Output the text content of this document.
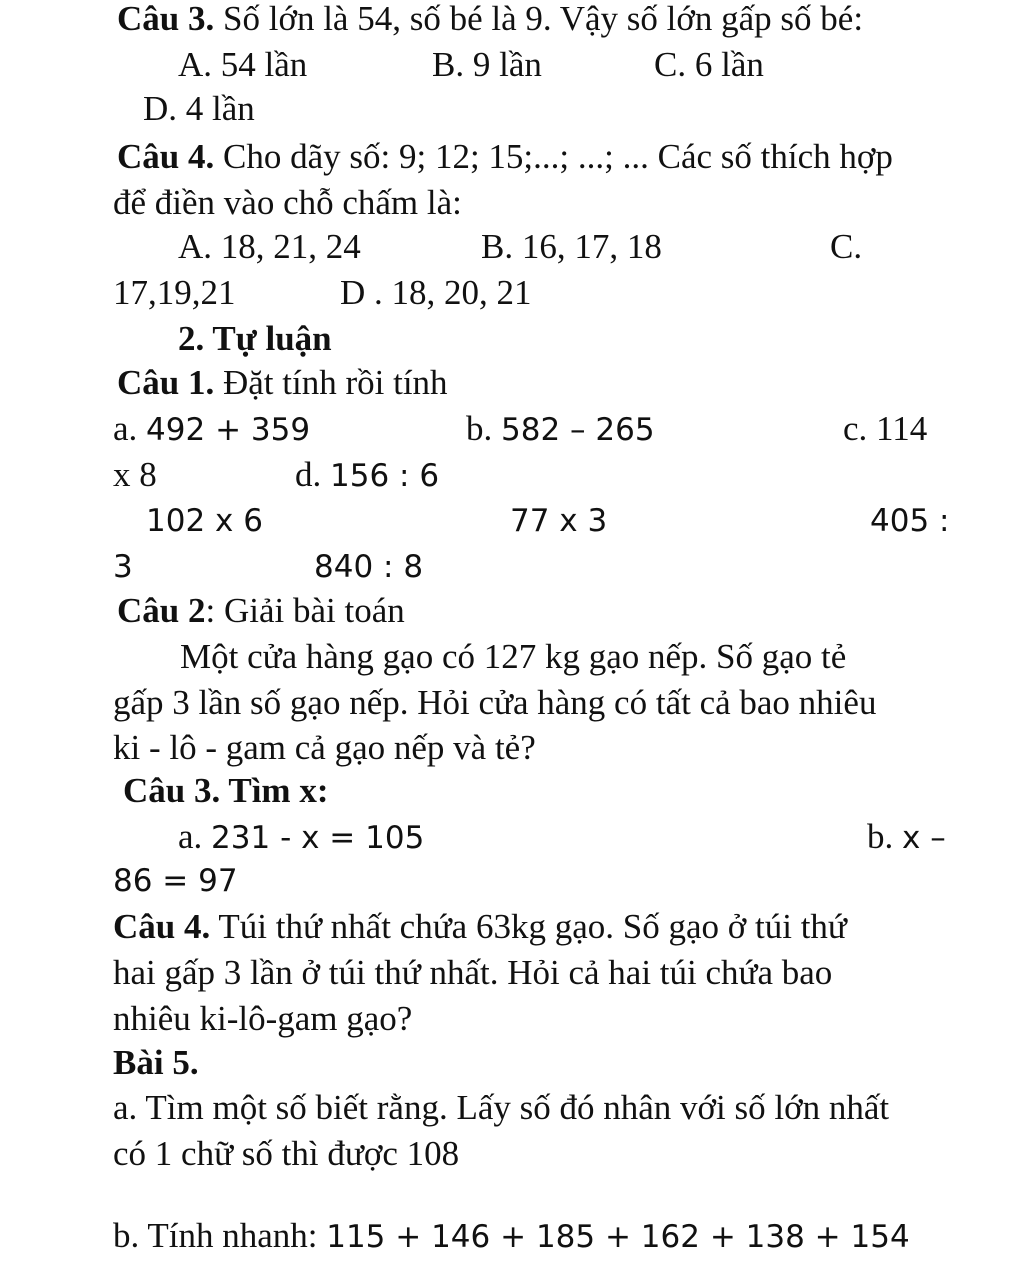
Câu 3. Số lớn là 54, số bé là 9. Vậy số lớn gấp số bé:
A. 54 lần	B. 9 lần	C. 6 lần
D. 4 lần
Câu 4. Cho dãy số: 9; 12; 15;...; ...; ... Các số thích hợp
để điền vào chỗ chấm là:
A. 18, 21, 24	B. 16, 17, 18	C.
17,19,21	D . 18, 20, 21
2. Tự luận
Câu 1. Đặt tính rồi tính
a. 492 + 359	b. 582 – 265	c. 114
x 8	d. 156 : 6
102 x 6	77 x 3	405 :
3	840 : 8
Câu 2: Giải bài toán
Một cửa hàng gạo có 127 kg gạo nếp. Số gạo tẻ
gấp 3 lần số gạo nếp. Hỏi cửa hàng có tất cả bao nhiêu
ki - lô - gam cả gạo nếp và tẻ?
Câu 3. Tìm x:
a. 231 - x = 105	b. x –
86 = 97
Câu 4. Túi thứ nhất chứa 63kg gạo. Số gạo ở túi thứ
hai gấp 3 lần ở túi thứ nhất. Hỏi cả hai túi chứa bao
nhiêu ki-lô-gam gạo?
Bài 5.
a. Tìm một số biết rằng. Lấy số đó nhân với số lớn nhất
có 1 chữ số thì được 108
b. Tính nhanh: 115 + 146 + 185 + 162 + 138 + 154
